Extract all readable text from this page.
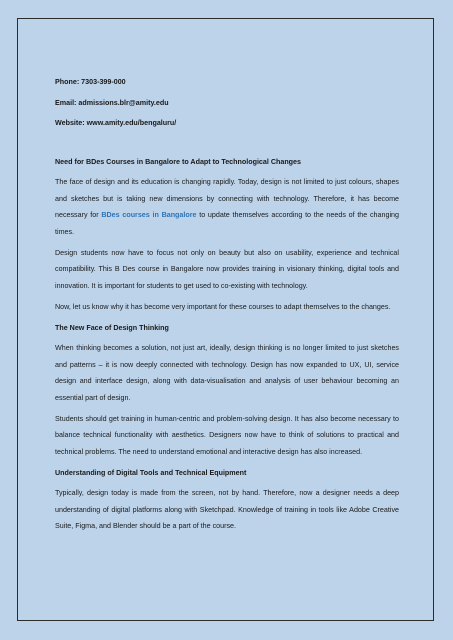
Phone: 7303-399-000
Email: admissions.blr@amity.edu
Website: www.amity.edu/bengaluru/
Need for BDes Courses in Bangalore to Adapt to Technological Changes

The face of design and its education is changing rapidly. Today, design is not limited to just colours, shapes and sketches but is taking new dimensions by connecting with technology. Therefore, it has become necessary for BDes courses in Bangalore to update themselves according to the needs of the changing times.

Design students now have to focus not only on beauty but also on usability, experience and technical compatibility. This B Des course in Bangalore now provides training in visionary thinking, digital tools and innovation. It is important for students to get used to co-existing with technology.

Now, let us know why it has become very important for these courses to adapt themselves to the changes.

The New Face of Design Thinking

When thinking becomes a solution, not just art, ideally, design thinking is no longer limited to just sketches and patterns – it is now deeply connected with technology. Design has now expanded to UX, UI, service design and interface design, along with data-visualisation and analysis of user behaviour becoming an essential part of design.

Students should get training in human-centric and problem-solving design. It has also become necessary to balance technical functionality with aesthetics. Designers now have to think of solutions to practical and technical problems. The need to understand emotional and interactive design has also increased.

Understanding of Digital Tools and Technical Equipment

Typically, design today is made from the screen, not by hand. Therefore, now a designer needs a deep understanding of digital platforms along with Sketchpad. Knowledge of training in tools like Adobe Creative Suite, Figma, and Blender should be a part of the course.
